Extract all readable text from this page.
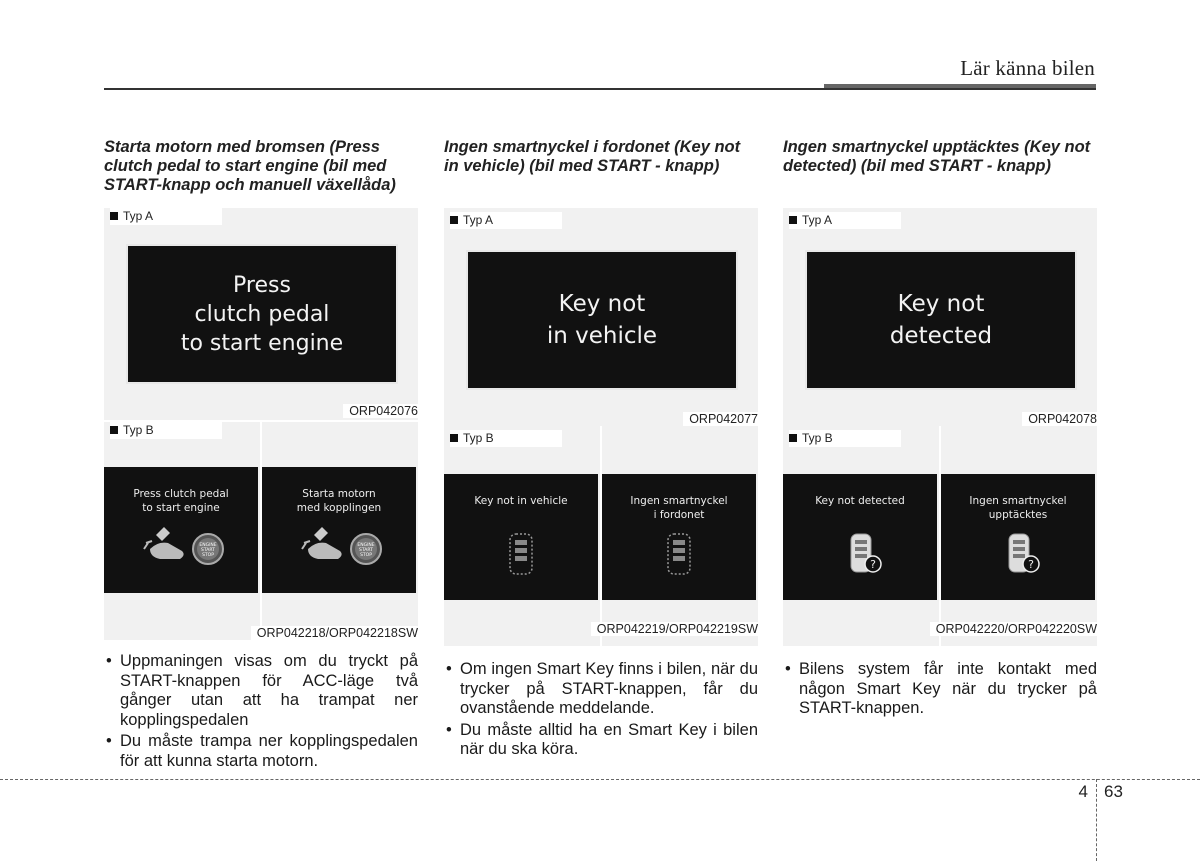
Lär känna bilen
Starta motorn med bromsen (Press clutch pedal to start engine (bil med START-knapp och manuell växellåda)
Typ A
Press
clutch pedal
to start engine
ORP042076
Typ B
Press clutch pedal
to start engine
ENGINE
START
STOP
Starta motorn
med kopplingen
ENGINE
START
STOP
ORP042218/ORP042218SW
• Uppmaningen visas om du tryckt på START-knappen för ACC-läge två gånger utan att ha trampat ner kopplingspedalen
• Du måste trampa ner kopplingspedalen för att kunna starta motorn.
Ingen smartnyckel i fordonet (Key not in vehicle) (bil med START - knapp)
Typ A
Key not
in vehicle
ORP042077
Typ B
Key not in vehicle	Ingen smartnyckel
i fordonet
ORP042219/ORP042219SW
• Om ingen Smart Key finns i bilen, när du trycker på START-knappen, får du ovanstående meddelande.
• Du måste alltid ha en Smart Key i bilen när du ska köra.
Ingen smartnyckel upptäcktes (Key not detected) (bil med START - knapp)
Typ A
Key not
detected
ORP042078
Typ B
Key not detected
?
Ingen smartnyckel
upptäcktes
?
ORP042220/ORP042220SW
• Bilens system får inte kontakt med någon Smart Key när du trycker på START-knappen.
4 63
